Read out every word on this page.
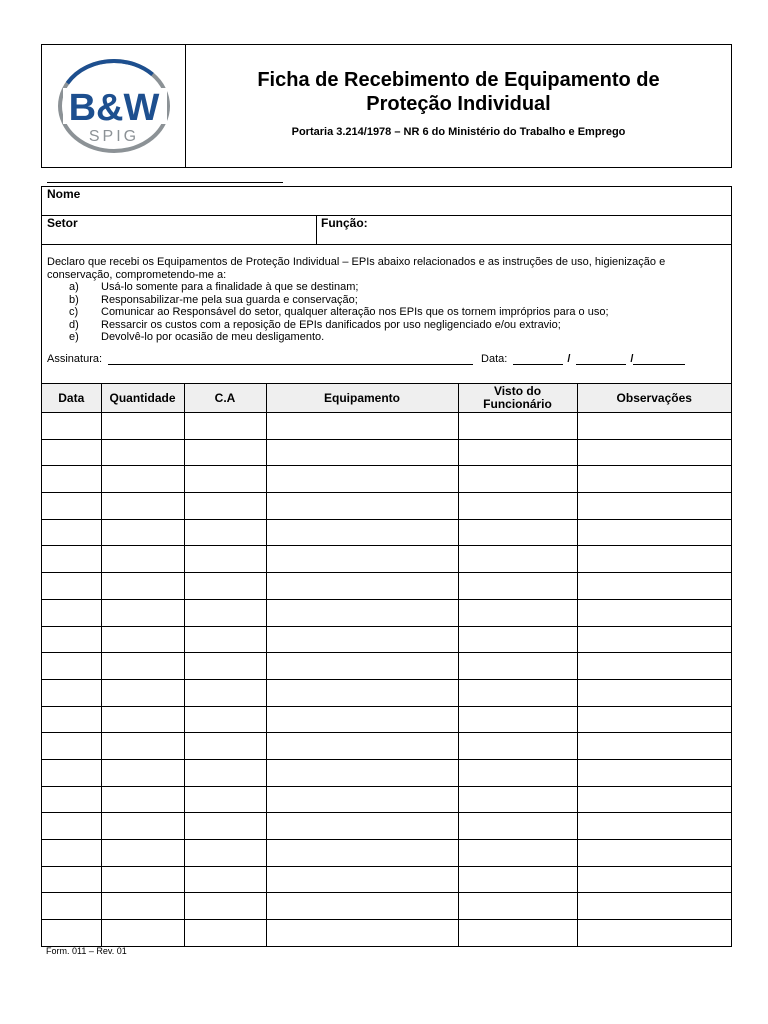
B&W
SPIG
Ficha de Recebimento de Equipamento de
Proteção Individual
Portaria 3.214/1978 – NR 6 do Ministério do Trabalho e Emprego
Nome
Setor	Função:
Declaro que recebi os Equipamentos de Proteção Individual – EPIs abaixo relacionados e as instruções de uso, higienização e conservação, comprometendo-me a:
a)	Usá-lo somente para a finalidade à que se destinam;
b)	Responsabilizar-me pela sua guarda e conservação;
c)	Comunicar ao Responsável do setor, qualquer alteração nos EPIs que os tornem impróprios para o uso;
d)	Ressarcir os custos com a reposição de EPIs danificados por uso negligenciado e/ou extravio;
e)	Devolvê-lo por ocasião de meu desligamento.
Assinatura:	Data:	/	/
Data	Quantidade	C.A	Equipamento	Visto do Funcionário	Observações

Form. 011 – Rev. 01
